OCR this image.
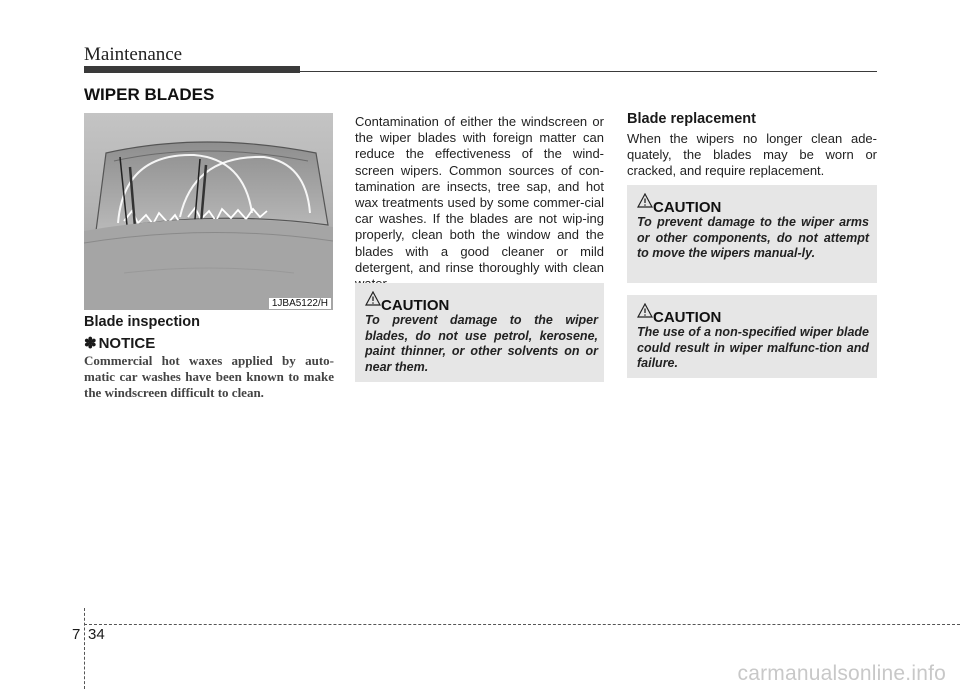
Maintenance
WIPER BLADES
1JBA5122/H
Blade inspection
✽ NOTICE
Commercial hot waxes applied by auto-matic car washes have been known to make the windscreen difficult to clean.
Contamination of either the windscreen or the wiper blades with foreign matter can reduce the effectiveness of the wind-screen wipers. Common sources of con-tamination are insects, tree sap, and hot wax treatments used by some commer-cial car washes. If the blades are not wip-ing properly, clean both the window and the blades with a good cleaner or mild detergent, and rinse thoroughly with clean
CAUTION
To prevent damage to the wiper blades, do not use petrol, kerosene, paint thinner, or other solvents on or near them.
Blade replacement
When the wipers no longer clean ade-quately, the blades may be worn or cracked, and require replacement.
CAUTION
To prevent damage to the wiper arms or other components, do not attempt to move the wipers manual-ly.
CAUTION
The use of a non-specified wiper blade could result in wiper malfunc-tion and failure.
7 34
carmanualsonline.info
